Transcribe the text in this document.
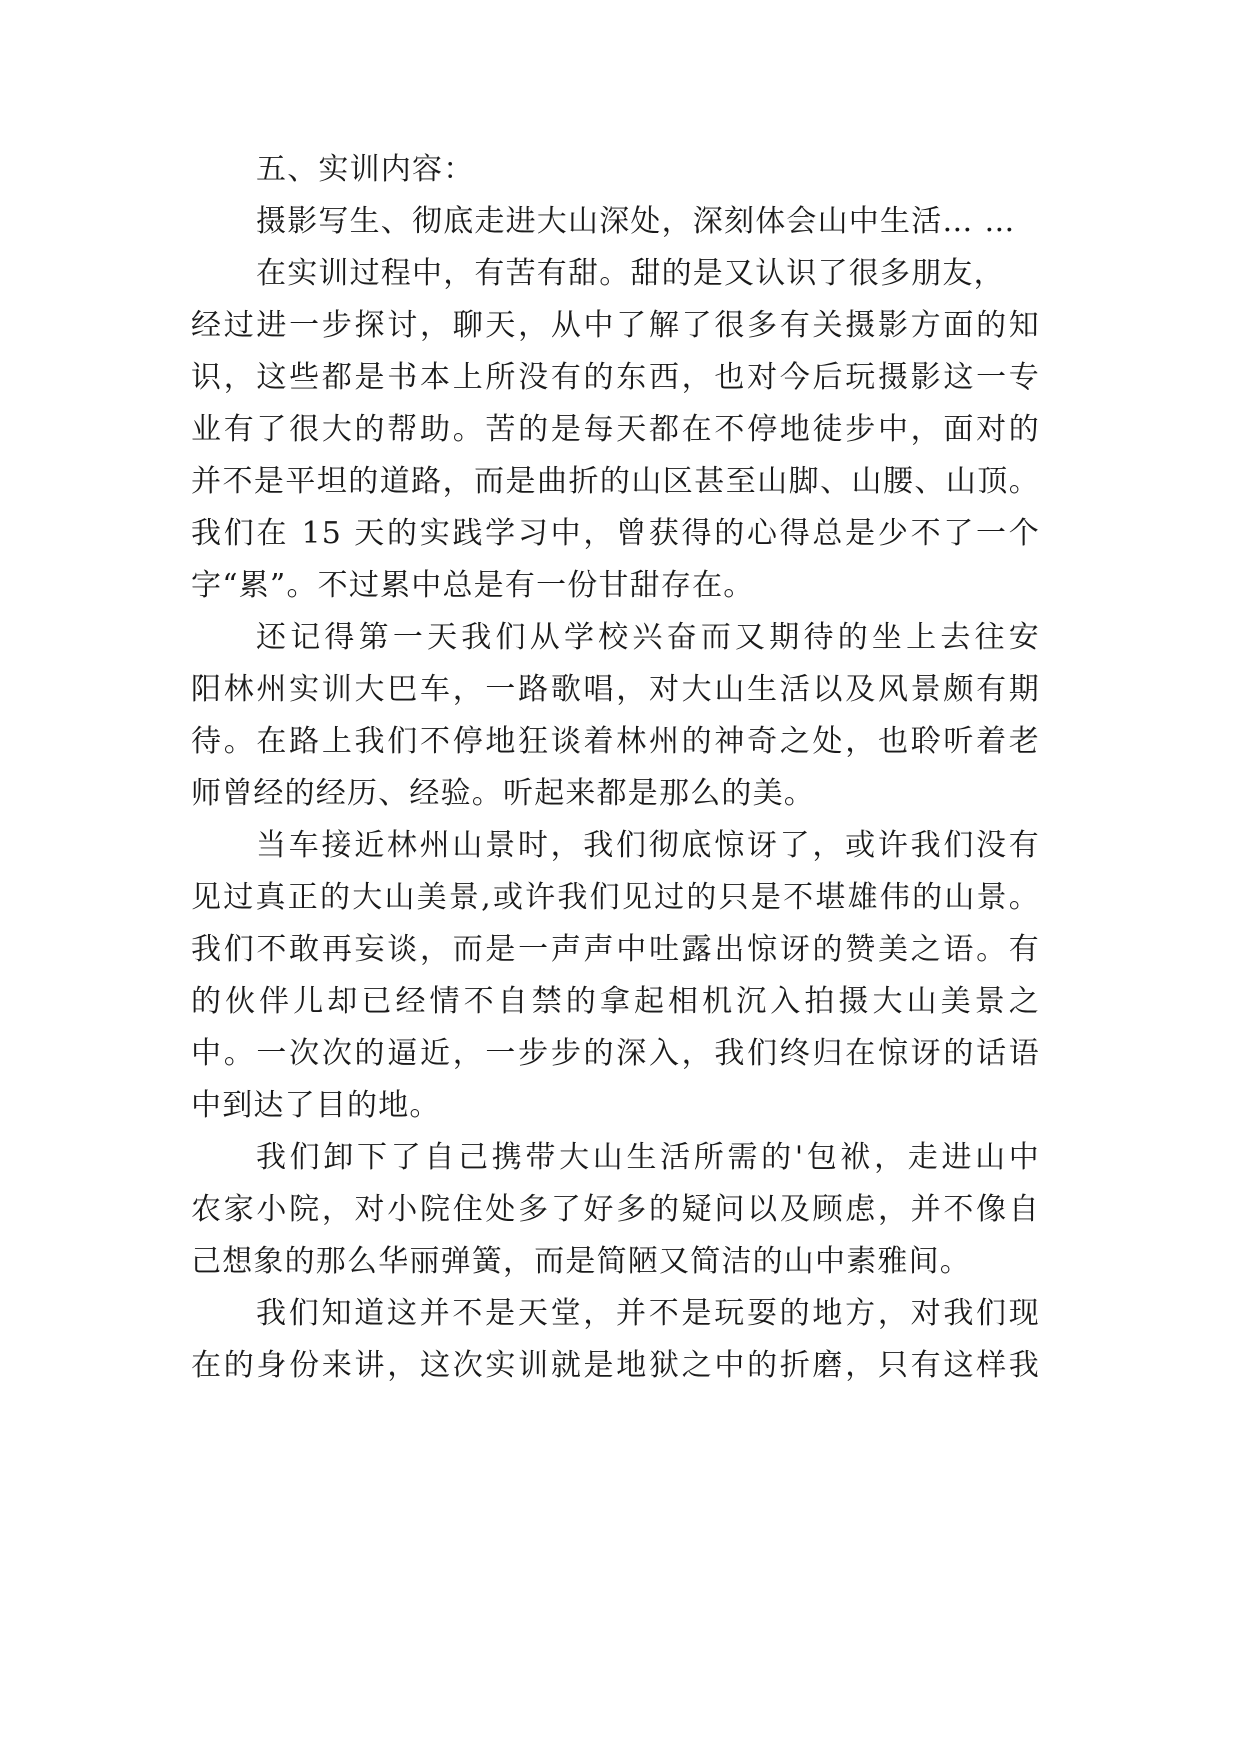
五、实训内容：

摄影写生、彻底走进大山深处，深刻体会山中生活… …

在实训过程中，有苦有甜。甜的是又认识了很多朋友，

经过进一步探讨，聊天，从中了解了很多有关摄影方面的知

识，这些都是书本上所没有的东西，也对今后玩摄影这一专

业有了很大的帮助。苦的是每天都在不停地徒步中，面对的

并不是平坦的道路，而是曲折的山区甚至山脚、山腰、山顶。

我们在 15 天的实践学习中，曾获得的心得总是少不了一个

字“累”。不过累中总是有一份甘甜存在。

还记得第一天我们从学校兴奋而又期待的坐上去往安

阳林州实训大巴车，一路歌唱，对大山生活以及风景颇有期

待。在路上我们不停地狂谈着林州的神奇之处，也聆听着老

师曾经的经历、经验。听起来都是那么的美。

当车接近林州山景时，我们彻底惊讶了，或许我们没有

见过真正的大山美景,或许我们见过的只是不堪雄伟的山景。

我们不敢再妄谈，而是一声声中吐露出惊讶的赞美之语。有

的伙伴儿却已经情不自禁的拿起相机沉入拍摄大山美景之

中。一次次的逼近，一步步的深入，我们终归在惊讶的话语

中到达了目的地。

我们卸下了自己携带大山生活所需的'包袱，走进山中

农家小院，对小院住处多了好多的疑问以及顾虑，并不像自

己想象的那么华丽弹簧，而是简陋又简洁的山中素雅间。

我们知道这并不是天堂，并不是玩耍的地方，对我们现

在的身份来讲，这次实训就是地狱之中的折磨，只有这样我
